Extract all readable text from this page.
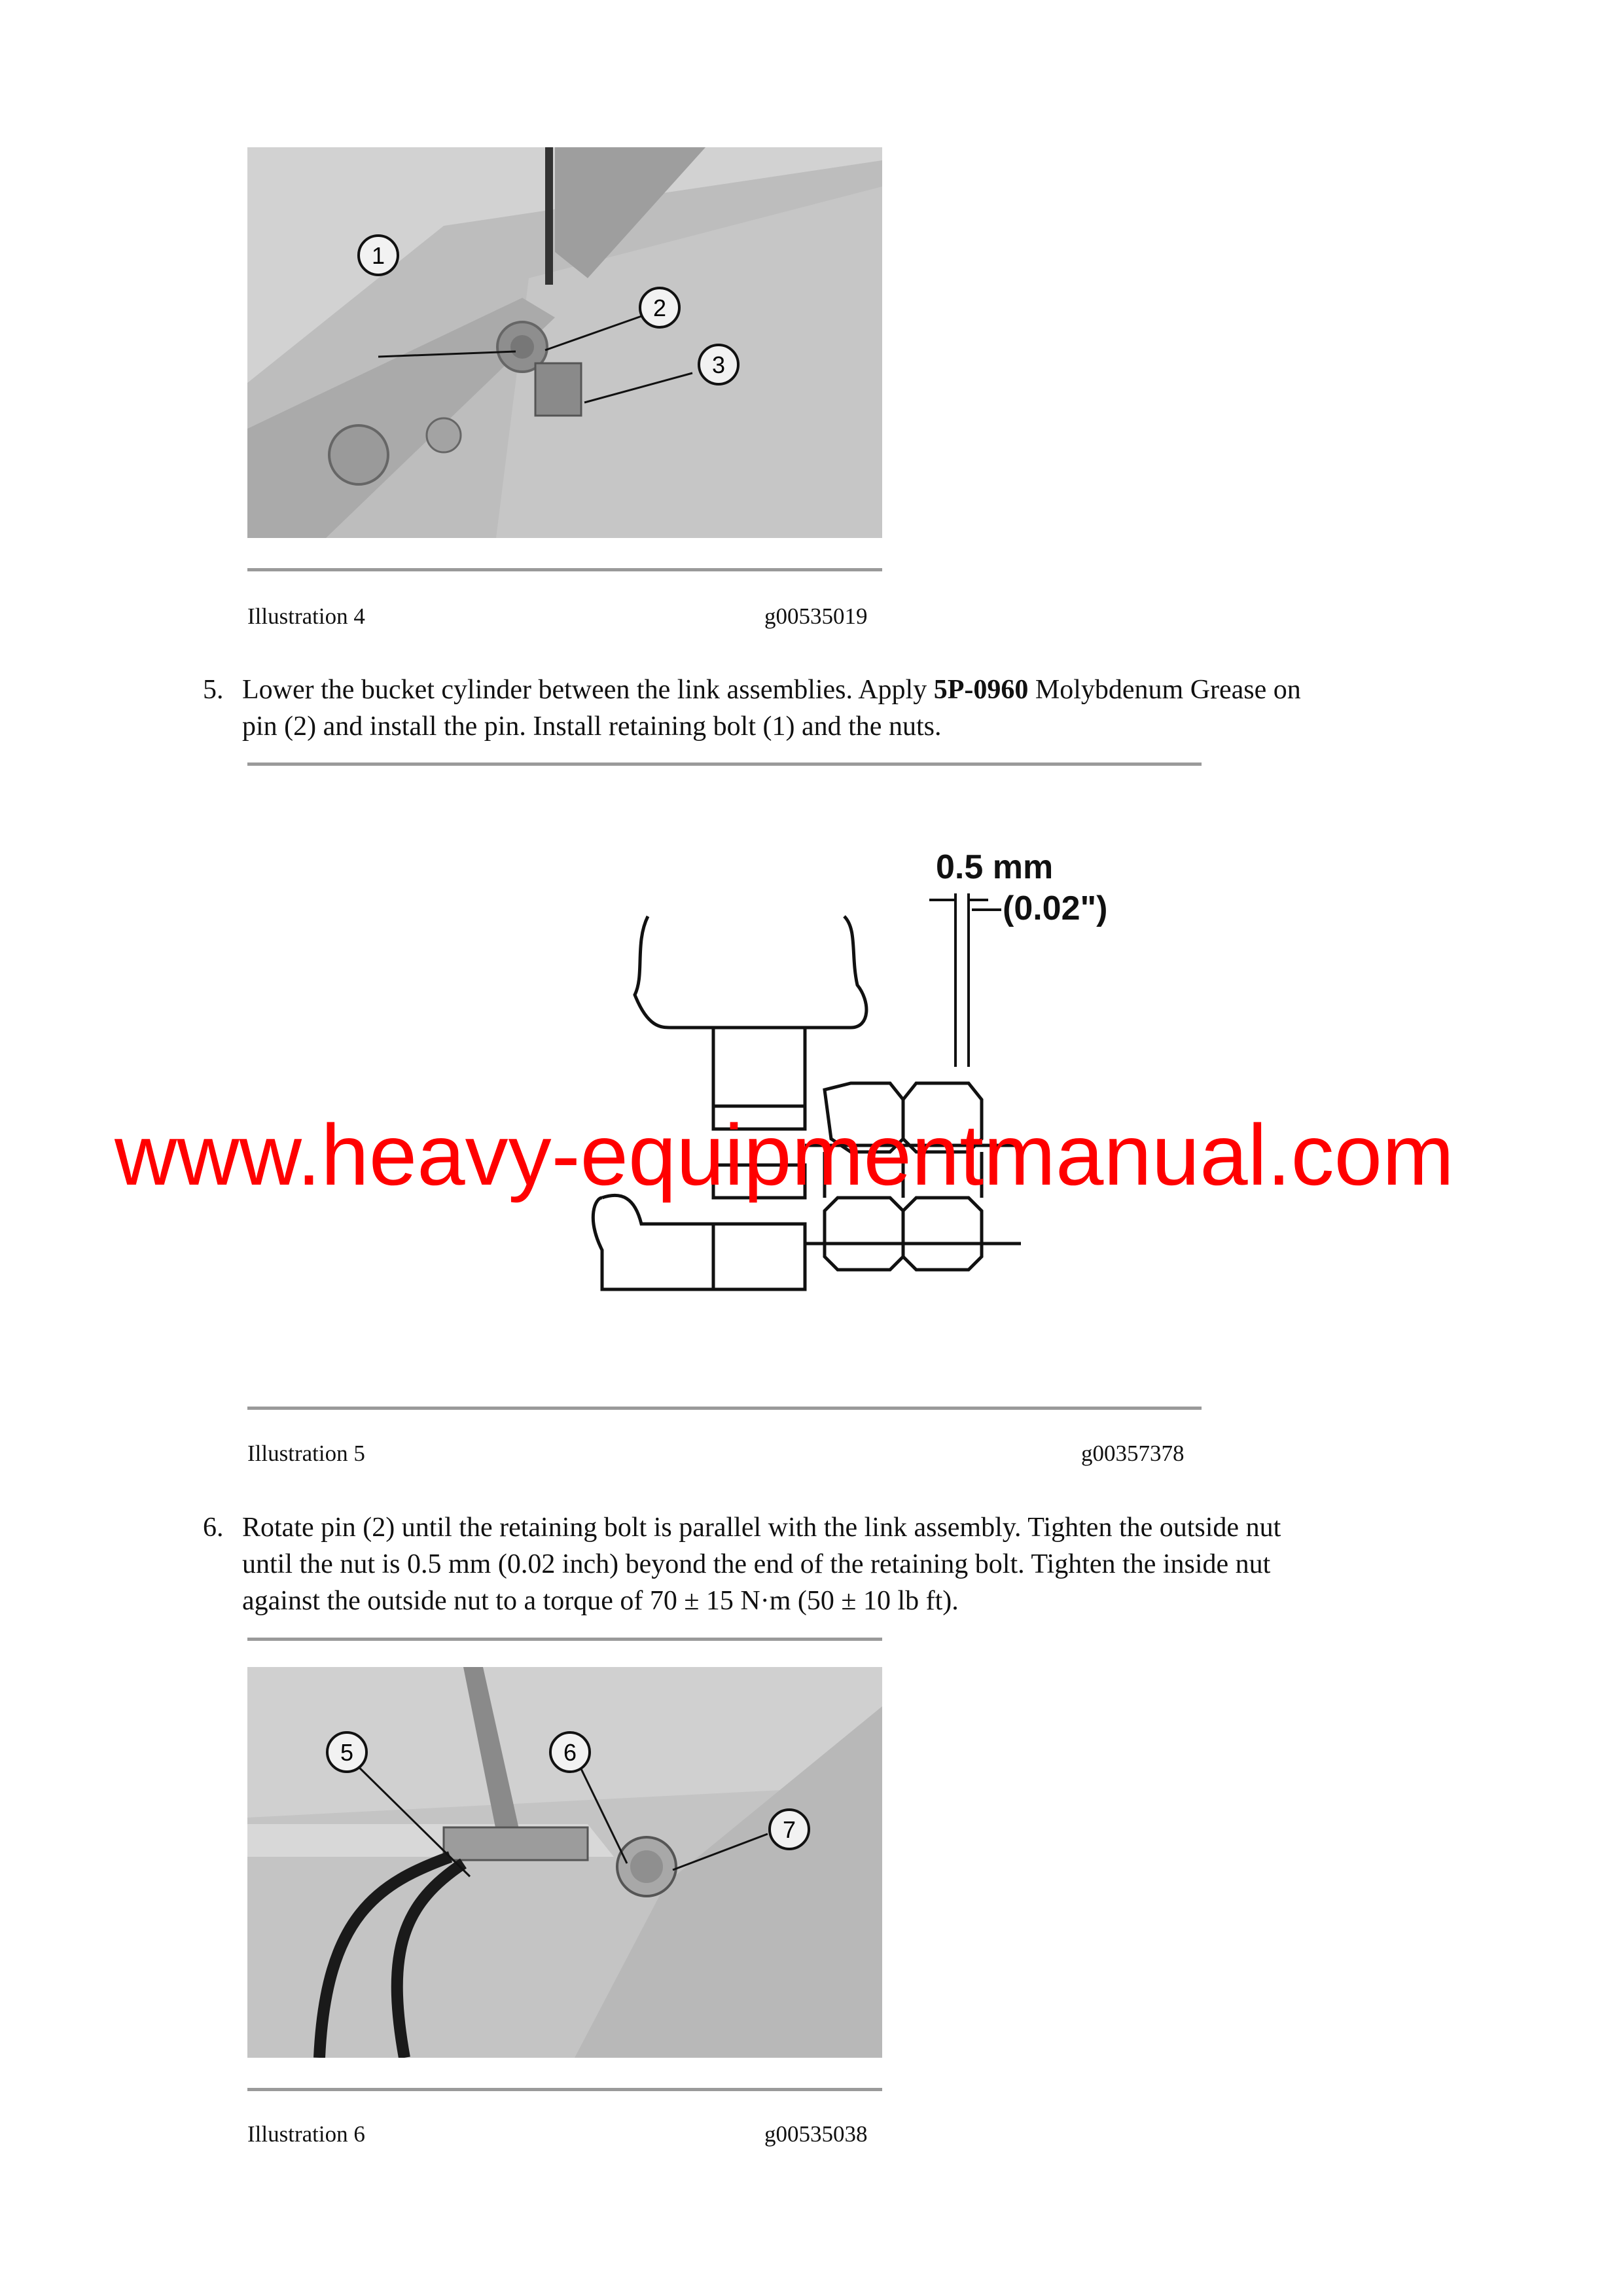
1
2
3
Illustration 4	g00535019
5. Lower the bucket cylinder between the link assemblies. Apply 5P-0960 Molybdenum Grease on
pin (2) and install the pin. Install retaining bolt (1) and the nuts.
0.5 mm
(0.02")
Illustration 5	g00357378
6. Rotate pin (2) until the retaining bolt is parallel with the link assembly. Tighten the outside nut
until the nut is 0.5 mm (0.02 inch) beyond the end of the retaining bolt. Tighten the inside nut
against the outside nut to a torque of 70 ± 15 N·m (50 ± 10 lb ft).
5	6
7
Illustration 6	g00535038
www.heavy-equipmentmanual.com
